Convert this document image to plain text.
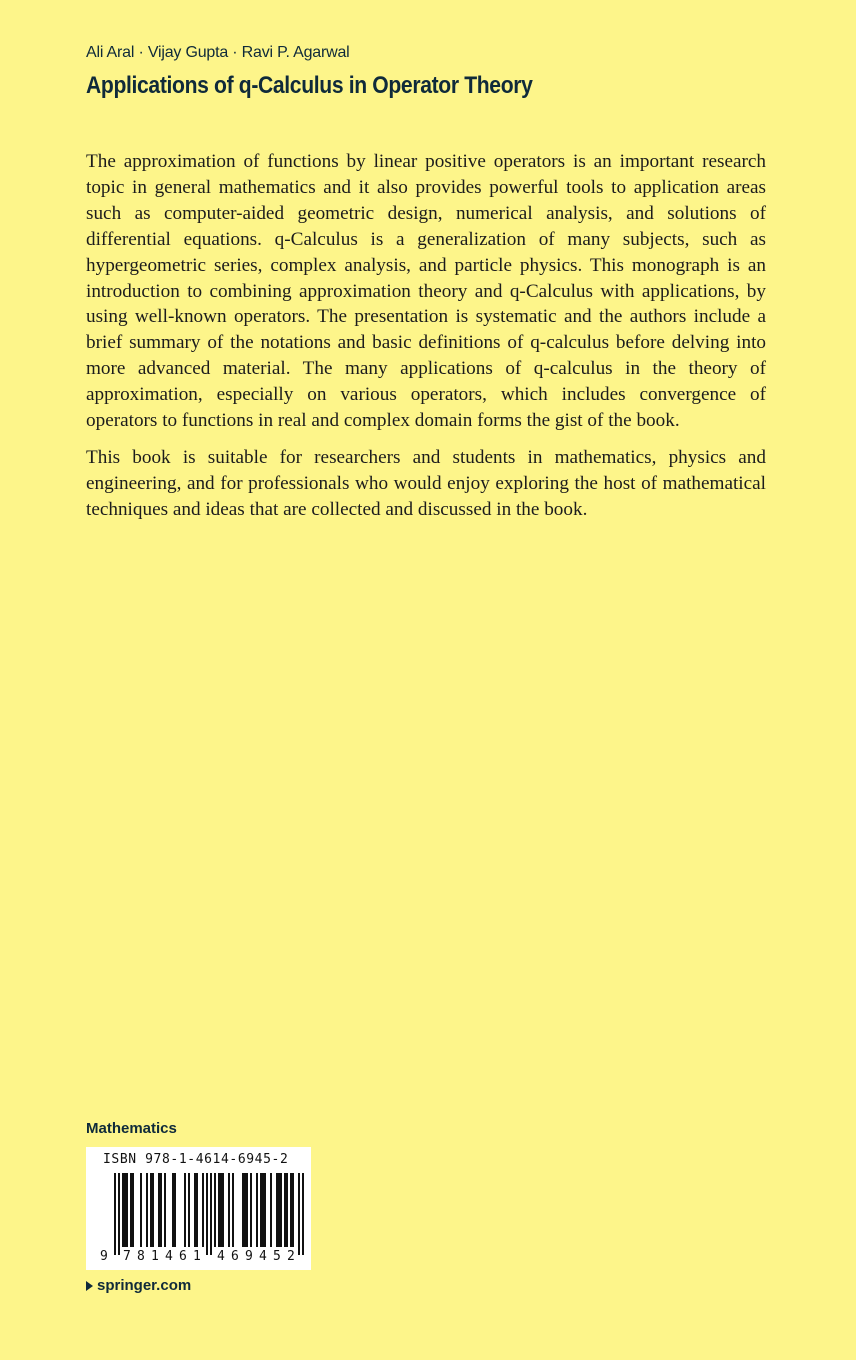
Ali Aral · Vijay Gupta · Ravi P. Agarwal
Applications of q-Calculus in Operator Theory

The approximation of functions by linear positive operators is an important research topic in general mathematics and it also provides powerful tools to application areas such as computer-aided geometric design, numerical analysis, and solutions of differential equations. q-Calculus is a generalization of many subjects, such as hypergeometric series, complex analysis, and particle physics. This monograph is an introduction to combining approximation theory and q-Calculus with applications, by using well-known operators. The presentation is systematic and the authors include a brief summary of the notations and basic definitions of q-calculus before delving into more advanced material. The many applications of q-calculus in the theory of approximation, especially on various operators, which includes convergence of operators to functions in real and complex domain forms the gist of the book.

This book is suitable for researchers and students in mathematics, physics and engineering, and for professionals who would enjoy exploring the host of mathematical techniques and ideas that are collected and discussed in the book.

Mathematics
ISBN 978-1-4614-6945-2
9 7 8 1 4 6 1 4 6 9 4 5 2
springer.com
